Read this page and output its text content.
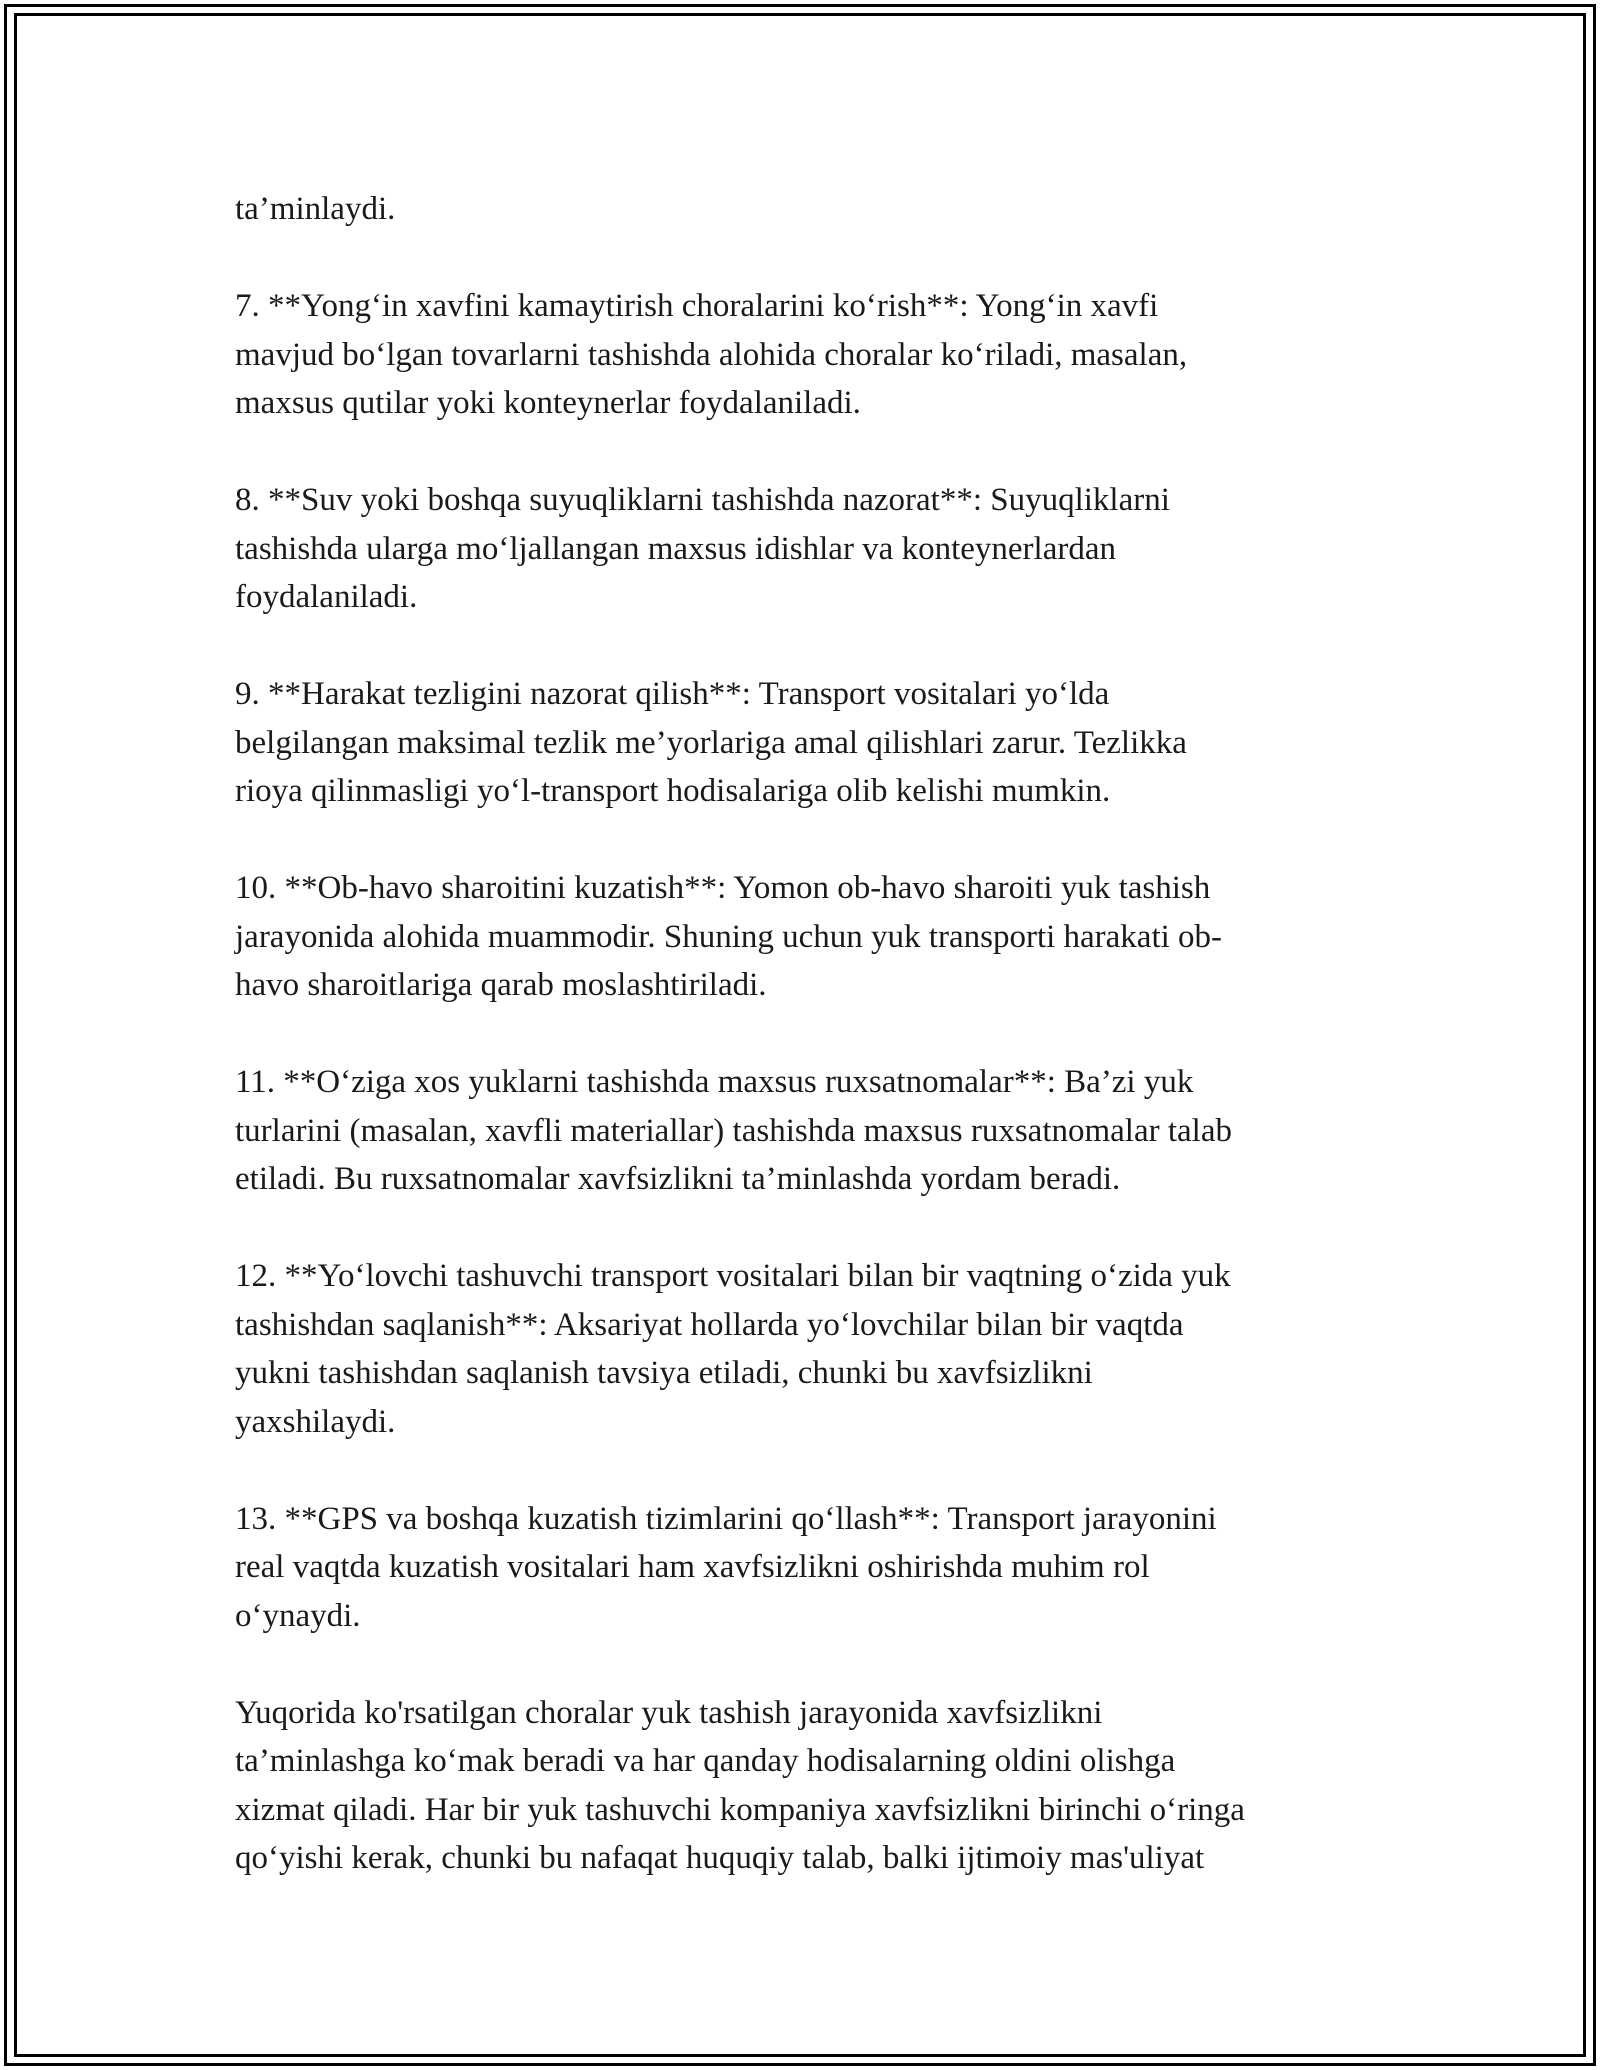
ta’minlaydi.

7. **Yong‘in xavfini kamaytirish choralarini ko‘rish**: Yong‘in xavfi
mavjud bo‘lgan tovarlarni tashishda alohida choralar ko‘riladi, masalan,
maxsus qutilar yoki konteynerlar foydalaniladi.

8. **Suv yoki boshqa suyuqliklarni tashishda nazorat**: Suyuqliklarni
tashishda ularga mo‘ljallangan maxsus idishlar va konteynerlardan
foydalaniladi.

9. **Harakat tezligini nazorat qilish**: Transport vositalari yo‘lda
belgilangan maksimal tezlik me’yorlariga amal qilishlari zarur. Tezlikka
rioya qilinmasligi yo‘l-transport hodisalariga olib kelishi mumkin.

10. **Ob-havo sharoitini kuzatish**: Yomon ob-havo sharoiti yuk tashish
jarayonida alohida muammodir. Shuning uchun yuk transporti harakati ob-
havo sharoitlariga qarab moslashtiriladi.

11. **O‘ziga xos yuklarni tashishda maxsus ruxsatnomalar**: Ba’zi yuk
turlarini (masalan, xavfli materiallar) tashishda maxsus ruxsatnomalar talab
etiladi. Bu ruxsatnomalar xavfsizlikni ta’minlashda yordam beradi.

12. **Yo‘lovchi tashuvchi transport vositalari bilan bir vaqtning o‘zida yuk
tashishdan saqlanish**: Aksariyat hollarda yo‘lovchilar bilan bir vaqtda
yukni tashishdan saqlanish tavsiya etiladi, chunki bu xavfsizlikni
yaxshilaydi.

13. **GPS va boshqa kuzatish tizimlarini qo‘llash**: Transport jarayonini
real vaqtda kuzatish vositalari ham xavfsizlikni oshirishda muhim rol
o‘ynaydi.

Yuqorida ko'rsatilgan choralar yuk tashish jarayonida xavfsizlikni
ta’minlashga ko‘mak beradi va har qanday hodisalarning oldini olishga
xizmat qiladi. Har bir yuk tashuvchi kompaniya xavfsizlikni birinchi o‘ringa
qo‘yishi kerak, chunki bu nafaqat huquqiy talab, balki ijtimoiy mas'uliyat
